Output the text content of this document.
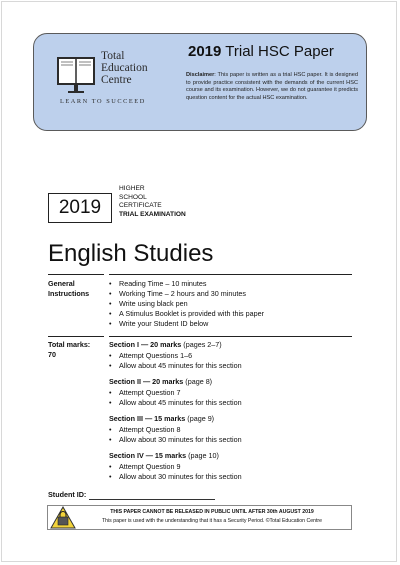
Total
Education
Centre
LEARN TO SUCCEED
2019 Trial HSC Paper
Disclaimer: This paper is written as a trial HSC paper. It is designed to provide practice consistent with the demands of the current HSC course and its examination. However, we do not guarantee it predicts question content for the actual HSC examination.
2019
HIGHER
SCHOOL
CERTIFICATE
TRIAL EXAMINATION
English Studies
General
Instructions
• Reading Time – 10 minutes
• Working Time – 2 hours and 30 minutes
• Write using black pen
• A Stimulus Booklet is provided with this paper
• Write your Student ID below
Total marks:
70
Section I — 20 marks (pages 2–7)
• Attempt Questions 1–6
• Allow about 45 minutes for this section
Section II — 20 marks (page 8)
• Attempt Question 7
• Allow about 45 minutes for this section
Section III — 15 marks (page 9)
• Attempt Question 8
• Allow about 30 minutes for this section
Section IV — 15 marks (page 10)
• Attempt Question 9
• Allow about 30 minutes for this section
Student ID:
THIS PAPER CANNOT BE RELEASED IN PUBLIC UNTIL AFTER 30th AUGUST 2019
This paper is used with the understanding that it has a Security Period. ©Total Education Centre
